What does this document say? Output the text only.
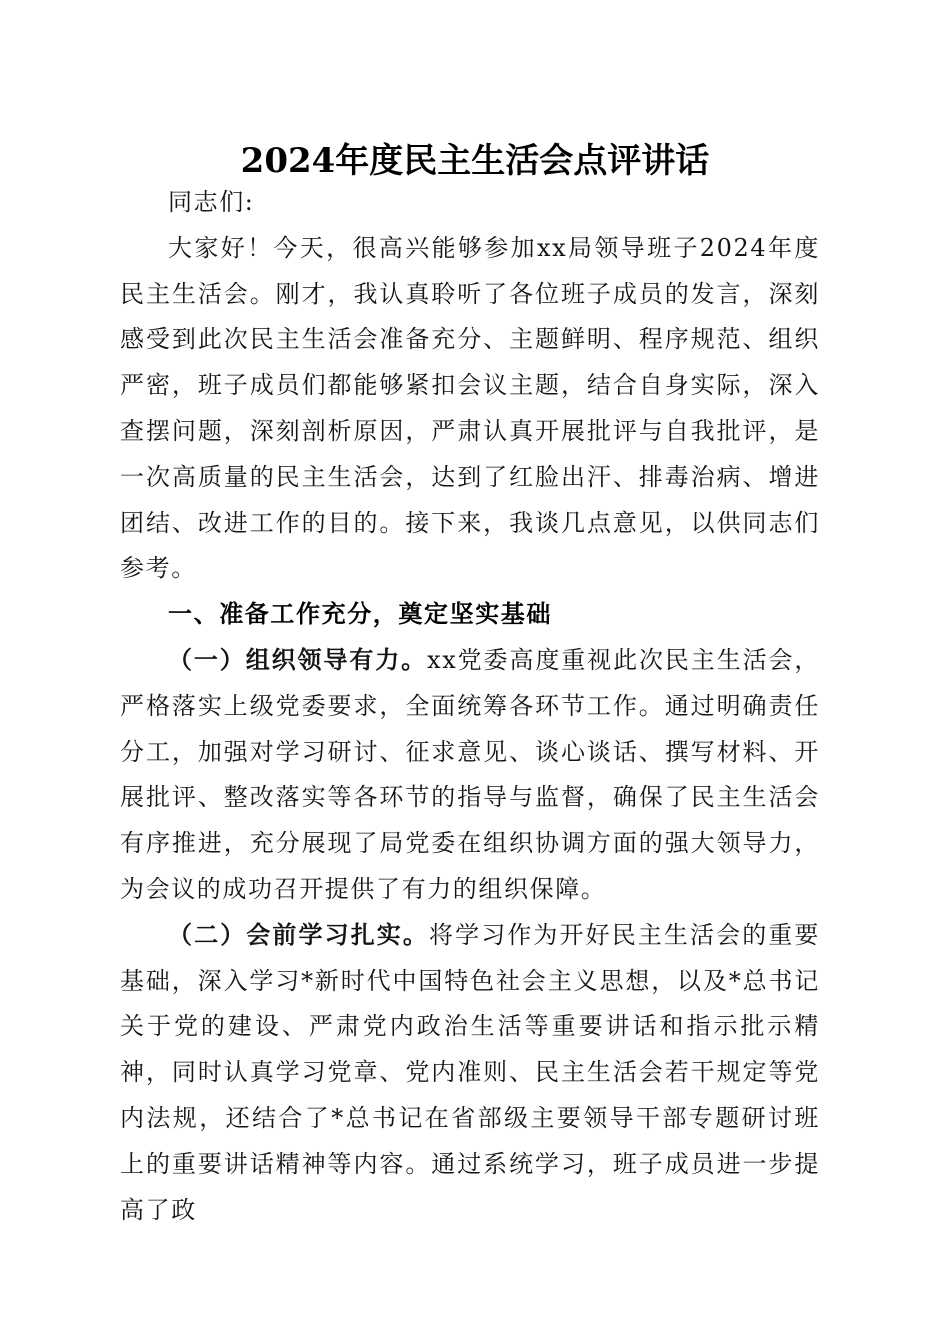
2024年度民主生活会点评讲话

同志们:

大家好！今天，很高兴能够参加xx局领导班子2024年度民主生活会。刚才，我认真聆听了各位班子成员的发言，深刻感受到此次民主生活会准备充分、主题鲜明、程序规范、组织严密，班子成员们都能够紧扣会议主题，结合自身实际，深入查摆问题，深刻剖析原因，严肃认真开展批评与自我批评，是一次高质量的民主生活会，达到了红脸出汗、排毒治病、增进团结、改进工作的目的。接下来，我谈几点意见，以供同志们参考。

一、准备工作充分，奠定坚实基础

（一）组织领导有力。xx党委高度重视此次民主生活会，严格落实上级党委要求，全面统筹各环节工作。通过明确责任分工，加强对学习研讨、征求意见、谈心谈话、撰写材料、开展批评、整改落实等各环节的指导与监督，确保了民主生活会有序推进，充分展现了局党委在组织协调方面的强大领导力，为会议的成功召开提供了有力的组织保障。

（二）会前学习扎实。将学习作为开好民主生活会的重要基础，深入学习*新时代中国特色社会主义思想，以及*总书记关于党的建设、严肃党内政治生活等重要讲话和指示批示精神，同时认真学习党章、党内准则、民主生活会若干规定等党内法规，还结合了*总书记在省部级主要领导干部专题研讨班上的重要讲话精神等内容。通过系统学习，班子成员进一步提高了政
